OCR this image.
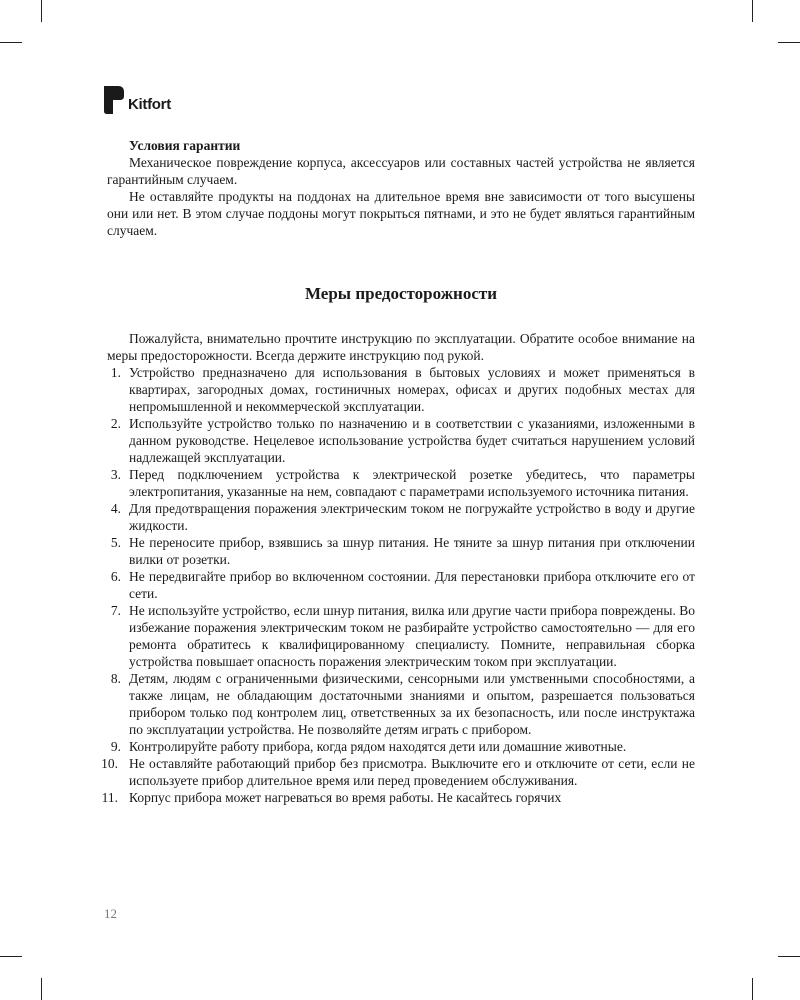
Kitfort

Условия гарантии

Механическое повреждение корпуса, аксессуаров или составных частей устройства не является гарантийным случаем.

Не оставляйте продукты на поддонах на длительное время вне зависимости от того высушены они или нет. В этом случае поддоны могут покрыться пятнами, и это не будет являться гарантийным случаем.

Меры предосторожности

Пожалуйста, внимательно прочтите инструкцию по эксплуатации. Обратите особое внимание на меры предосторожности. Всегда держите инструкцию под рукой.

1. Устройство предназначено для использования в бытовых условиях и может применяться в квартирах, загородных домах, гостиничных номерах, офисах и других подобных местах для непромышленной и некоммерческой эксплуатации.
2. Используйте устройство только по назначению и в соответствии с указаниями, изложенными в данном руководстве. Нецелевое использование устройства будет считаться нарушением условий надлежащей эксплуатации.
3. Перед подключением устройства к электрической розетке убедитесь, что параметры электропитания, указанные на нем, совпадают с параметрами используемого источника питания.
4. Для предотвращения поражения электрическим током не погружайте устройство в воду и другие жидкости.
5. Не переносите прибор, взявшись за шнур питания. Не тяните за шнур питания при отключении вилки от розетки.
6. Не передвигайте прибор во включенном состоянии. Для перестановки прибора отключите его от сети.
7. Не используйте устройство, если шнур питания, вилка или другие части прибора повреждены. Во избежание поражения электрическим током не разбирайте устройство самостоятельно — для его ремонта обратитесь к квалифицированному специалисту. Помните, неправильная сборка устройства повышает опасность поражения электрическим током при эксплуатации.
8. Детям, людям с ограниченными физическими, сенсорными или умственными способностями, а также лицам, не обладающим достаточными знаниями и опытом, разрешается пользоваться прибором только под контролем лиц, ответственных за их безопасность, или после инструктажа по эксплуатации устройства. Не позволяйте детям играть с прибором.
9. Контролируйте работу прибора, когда рядом находятся дети или домашние животные.
10. Не оставляйте работающий прибор без присмотра. Выключите его и отключите от сети, если не используете прибор длительное время или перед проведением обслуживания.
11. Корпус прибора может нагреваться во время работы. Не касайтесь горячих
12
